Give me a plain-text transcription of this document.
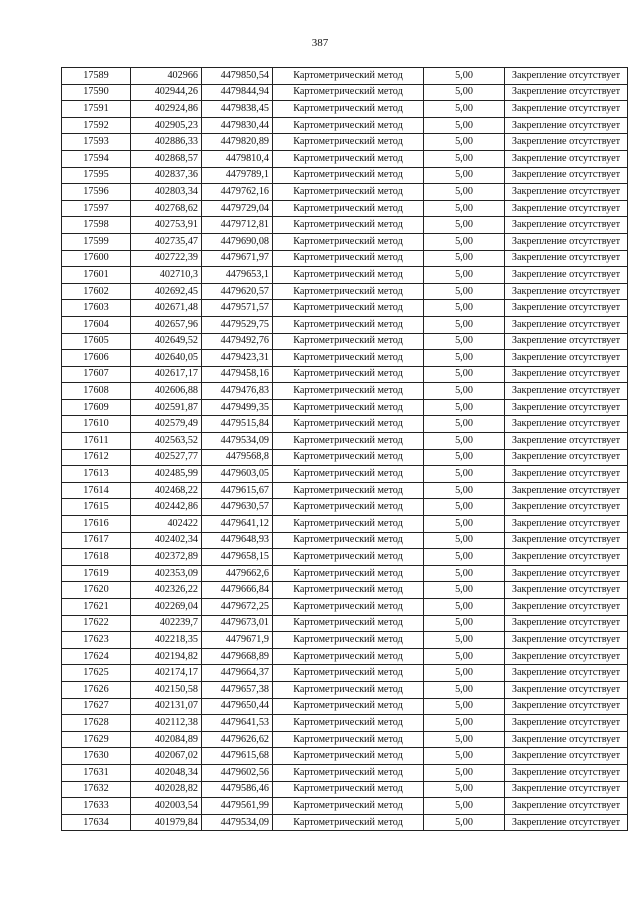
387
17589	402966	4479850,54	Картометрический метод	5,00	Закрепление отсутствует
17590	402944,26	4479844,94	Картометрический метод	5,00	Закрепление отсутствует
17591	402924,86	4479838,45	Картометрический метод	5,00	Закрепление отсутствует
17592	402905,23	4479830,44	Картометрический метод	5,00	Закрепление отсутствует
17593	402886,33	4479820,89	Картометрический метод	5,00	Закрепление отсутствует
17594	402868,57	4479810,4	Картометрический метод	5,00	Закрепление отсутствует
17595	402837,36	4479789,1	Картометрический метод	5,00	Закрепление отсутствует
17596	402803,34	4479762,16	Картометрический метод	5,00	Закрепление отсутствует
17597	402768,62	4479729,04	Картометрический метод	5,00	Закрепление отсутствует
17598	402753,91	4479712,81	Картометрический метод	5,00	Закрепление отсутствует
17599	402735,47	4479690,08	Картометрический метод	5,00	Закрепление отсутствует
17600	402722,39	4479671,97	Картометрический метод	5,00	Закрепление отсутствует
17601	402710,3	4479653,1	Картометрический метод	5,00	Закрепление отсутствует
17602	402692,45	4479620,57	Картометрический метод	5,00	Закрепление отсутствует
17603	402671,48	4479571,57	Картометрический метод	5,00	Закрепление отсутствует
17604	402657,96	4479529,75	Картометрический метод	5,00	Закрепление отсутствует
17605	402649,52	4479492,76	Картометрический метод	5,00	Закрепление отсутствует
17606	402640,05	4479423,31	Картометрический метод	5,00	Закрепление отсутствует
17607	402617,17	4479458,16	Картометрический метод	5,00	Закрепление отсутствует
17608	402606,88	4479476,83	Картометрический метод	5,00	Закрепление отсутствует
17609	402591,87	4479499,35	Картометрический метод	5,00	Закрепление отсутствует
17610	402579,49	4479515,84	Картометрический метод	5,00	Закрепление отсутствует
17611	402563,52	4479534,09	Картометрический метод	5,00	Закрепление отсутствует
17612	402527,77	4479568,8	Картометрический метод	5,00	Закрепление отсутствует
17613	402485,99	4479603,05	Картометрический метод	5,00	Закрепление отсутствует
17614	402468,22	4479615,67	Картометрический метод	5,00	Закрепление отсутствует
17615	402442,86	4479630,57	Картометрический метод	5,00	Закрепление отсутствует
17616	402422	4479641,12	Картометрический метод	5,00	Закрепление отсутствует
17617	402402,34	4479648,93	Картометрический метод	5,00	Закрепление отсутствует
17618	402372,89	4479658,15	Картометрический метод	5,00	Закрепление отсутствует
17619	402353,09	4479662,6	Картометрический метод	5,00	Закрепление отсутствует
17620	402326,22	4479666,84	Картометрический метод	5,00	Закрепление отсутствует
17621	402269,04	4479672,25	Картометрический метод	5,00	Закрепление отсутствует
17622	402239,7	4479673,01	Картометрический метод	5,00	Закрепление отсутствует
17623	402218,35	4479671,9	Картометрический метод	5,00	Закрепление отсутствует
17624	402194,82	4479668,89	Картометрический метод	5,00	Закрепление отсутствует
17625	402174,17	4479664,37	Картометрический метод	5,00	Закрепление отсутствует
17626	402150,58	4479657,38	Картометрический метод	5,00	Закрепление отсутствует
17627	402131,07	4479650,44	Картометрический метод	5,00	Закрепление отсутствует
17628	402112,38	4479641,53	Картометрический метод	5,00	Закрепление отсутствует
17629	402084,89	4479626,62	Картометрический метод	5,00	Закрепление отсутствует
17630	402067,02	4479615,68	Картометрический метод	5,00	Закрепление отсутствует
17631	402048,34	4479602,56	Картометрический метод	5,00	Закрепление отсутствует
17632	402028,82	4479586,46	Картометрический метод	5,00	Закрепление отсутствует
17633	402003,54	4479561,99	Картометрический метод	5,00	Закрепление отсутствует
17634	401979,84	4479534,09	Картометрический метод	5,00	Закрепление отсутствует
